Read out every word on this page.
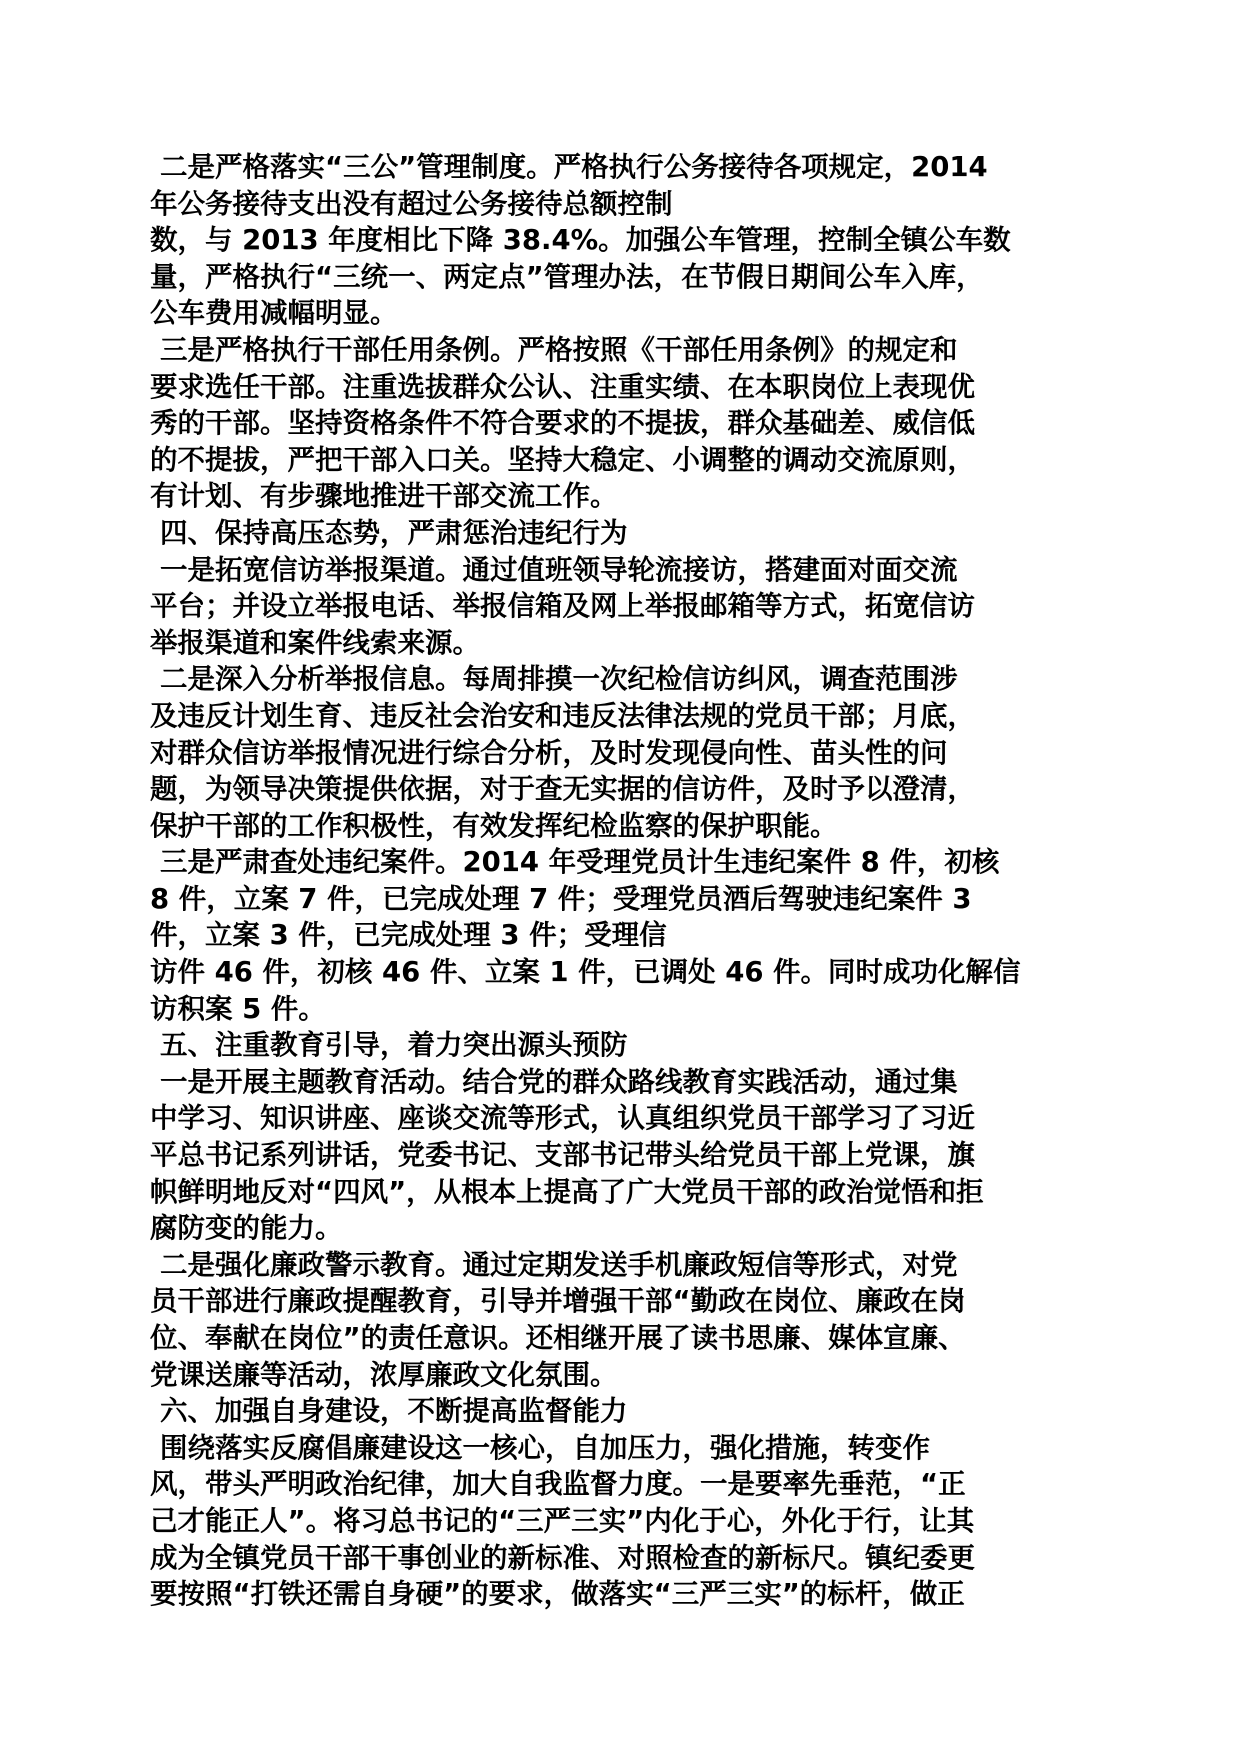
二是严格落实“三公”管理制度。严格执行公务接待各项规定，2014
年公务接待支出没有超过公务接待总额控制
数，与 2013 年度相比下降 38.4%。加强公车管理，控制全镇公车数
量，严格执行“三统一、两定点”管理办法，在节假日期间公车入库，
公车费用减幅明显。
三是严格执行干部任用条例。严格按照《干部任用条例》的规定和
要求选任干部。注重选拔群众公认、注重实绩、在本职岗位上表现优
秀的干部。坚持资格条件不符合要求的不提拔，群众基础差、威信低
的不提拔，严把干部入口关。坚持大稳定、小调整的调动交流原则，
有计划、有步骤地推进干部交流工作。
四、保持高压态势，严肃惩治违纪行为
一是拓宽信访举报渠道。通过值班领导轮流接访，搭建面对面交流
平台；并设立举报电话、举报信箱及网上举报邮箱等方式，拓宽信访
举报渠道和案件线索来源。
二是深入分析举报信息。每周排摸一次纪检信访纠风，调查范围涉
及违反计划生育、违反社会治安和违反法律法规的党员干部；月底，
对群众信访举报情况进行综合分析，及时发现侵向性、苗头性的问
题，为领导决策提供依据，对于查无实据的信访件，及时予以澄清，
保护干部的工作积极性，有效发挥纪检监察的保护职能。
三是严肃查处违纪案件。2014 年受理党员计生违纪案件 8 件，初核
8 件，立案 7 件，已完成处理 7 件；受理党员酒后驾驶违纪案件 3
件，立案 3 件，已完成处理 3 件；受理信
访件 46 件，初核 46 件、立案 1 件，已调处 46 件。同时成功化解信
访积案 5 件。
五、注重教育引导，着力突出源头预防
一是开展主题教育活动。结合党的群众路线教育实践活动，通过集
中学习、知识讲座、座谈交流等形式，认真组织党员干部学习了习近
平总书记系列讲话，党委书记、支部书记带头给党员干部上党课，旗
帜鲜明地反对“四风”，从根本上提高了广大党员干部的政治觉悟和拒
腐防变的能力。
二是强化廉政警示教育。通过定期发送手机廉政短信等形式，对党
员干部进行廉政提醒教育，引导并增强干部“勤政在岗位、廉政在岗
位、奉献在岗位”的责任意识。还相继开展了读书思廉、媒体宣廉、
党课送廉等活动，浓厚廉政文化氛围。
六、加强自身建设，不断提高监督能力
围绕落实反腐倡廉建设这一核心，自加压力，强化措施，转变作
风，带头严明政治纪律，加大自我监督力度。一是要率先垂范，“正
己才能正人”。将习总书记的“三严三实”内化于心，外化于行，让其
成为全镇党员干部干事创业的新标准、对照检查的新标尺。镇纪委更
要按照“打铁还需自身硬”的要求，做落实“三严三实”的标杆，做正
